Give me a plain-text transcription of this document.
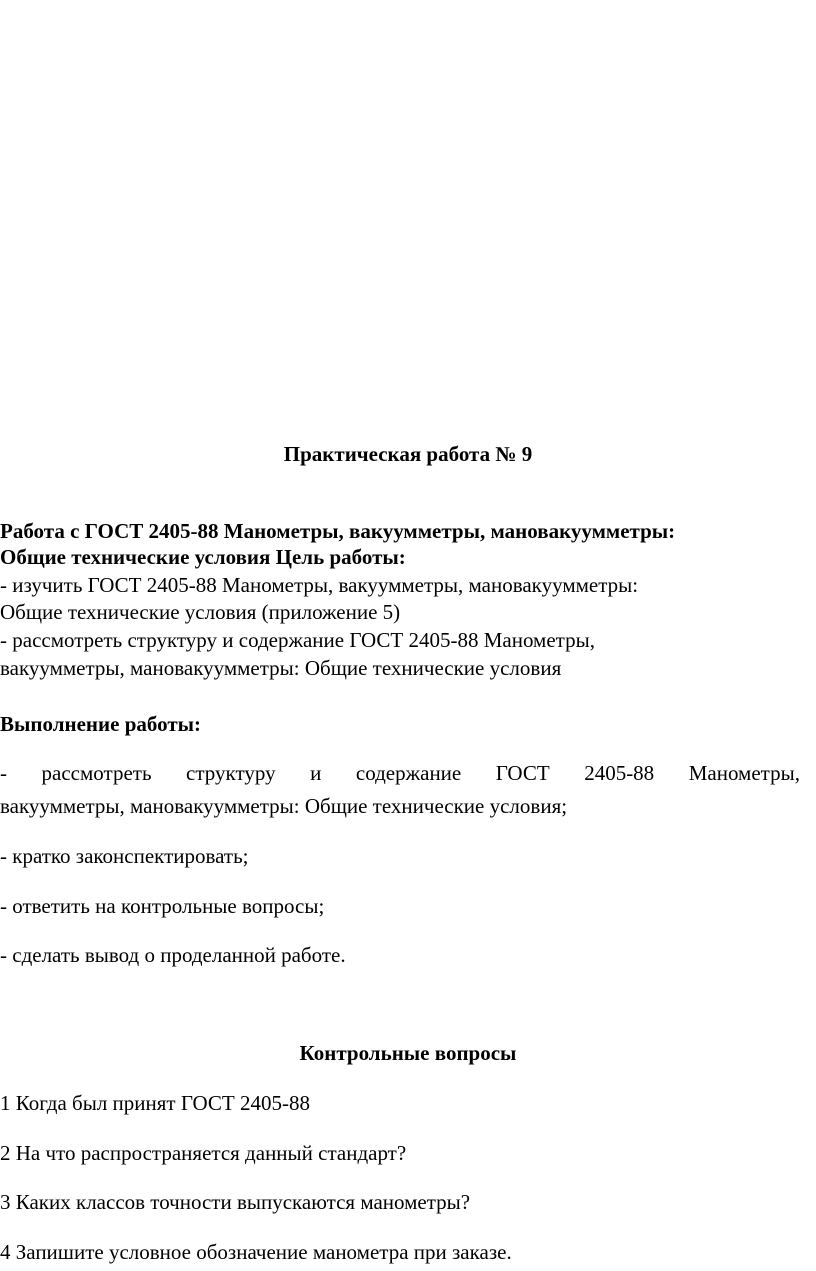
Практическая работа № 9
Работа с ГОСТ 2405-88 Манометры, вакуумметры, мановакуумметры:
Общие технические условия Цель работы:
- изучить ГОСТ 2405-88 Манометры, вакуумметры, мановакуумметры:
Общие технические условия (приложение 5)
- рассмотреть структуру и содержание ГОСТ 2405-88 Манометры,
вакуумметры, мановакуумметры: Общие технические условия
Выполнение работы:
- рассмотреть структуру и содержание ГОСТ 2405-88 Манометры,
вакуумметры, мановакуумметры: Общие технические условия;
- кратко законспектировать;
- ответить на контрольные вопросы;
- сделать вывод о проделанной работе.
Контрольные вопросы
1 Когда был принят ГОСТ 2405-88
2 На что распространяется данный стандарт?
3 Каких классов точности выпускаются манометры?
4 Запишите условное обозначение манометра при заказе.
